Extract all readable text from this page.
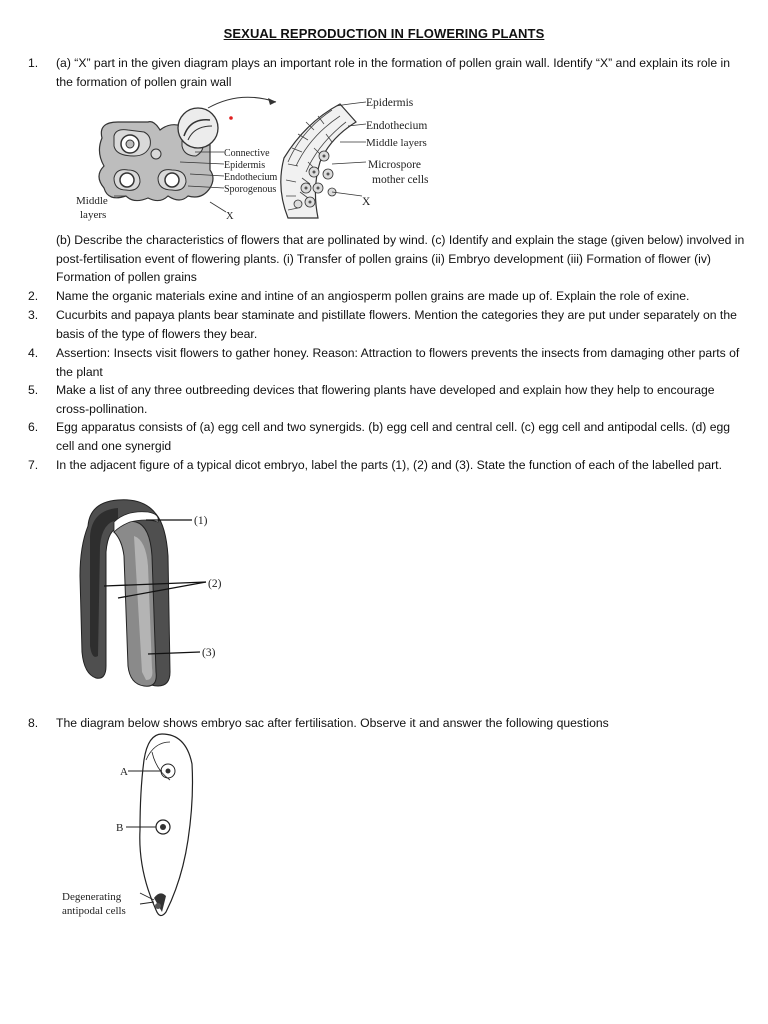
SEXUAL REPRODUCTION IN FLOWERING PLANTS
1.	(a) “X” part in the given diagram plays an important role in the formation of pollen grain wall. Identify “X” and explain its role in the formation of pollen grain wall
Epidermis
Endothecium
Middle layers
Microspore
mother cells
X
Connective
Epidermis
Endothecium
Sporogenous
Middle
layers	X
(b) Describe the characteristics of flowers that are pollinated by wind. (c) Identify and explain the stage (given below) involved in post-fertilisation event of flowering plants. (i) Transfer of pollen grains (ii) Embryo development (iii) Formation of flower (iv) Formation of pollen grains
2.	Name the organic materials exine and intine of an angiosperm pollen grains are made up of. Explain the role of exine.
3.	Cucurbits and papaya plants bear staminate and pistillate flowers. Mention the categories they are put under separately on the basis of the type of flowers they bear.
4.	Assertion: Insects visit flowers to gather honey. Reason: Attraction to flowers prevents the insects from damaging other parts of the plant
5.	Make a list of any three outbreeding devices that flowering plants have developed and explain how they help to encourage cross-pollination.
6.	Egg apparatus consists of (a) egg cell and two synergids. (b) egg cell and central cell. (c) egg cell and antipodal cells. (d) egg cell and one synergid
7.	In the adjacent figure of a typical dicot embryo, label the parts (1), (2) and (3). State the function of each of the labelled part.
(1)
(2)
(3)
8.	The diagram below shows embryo sac after fertilisation. Observe it and answer the following questions
A
B
Degenerating
antipodal cells
